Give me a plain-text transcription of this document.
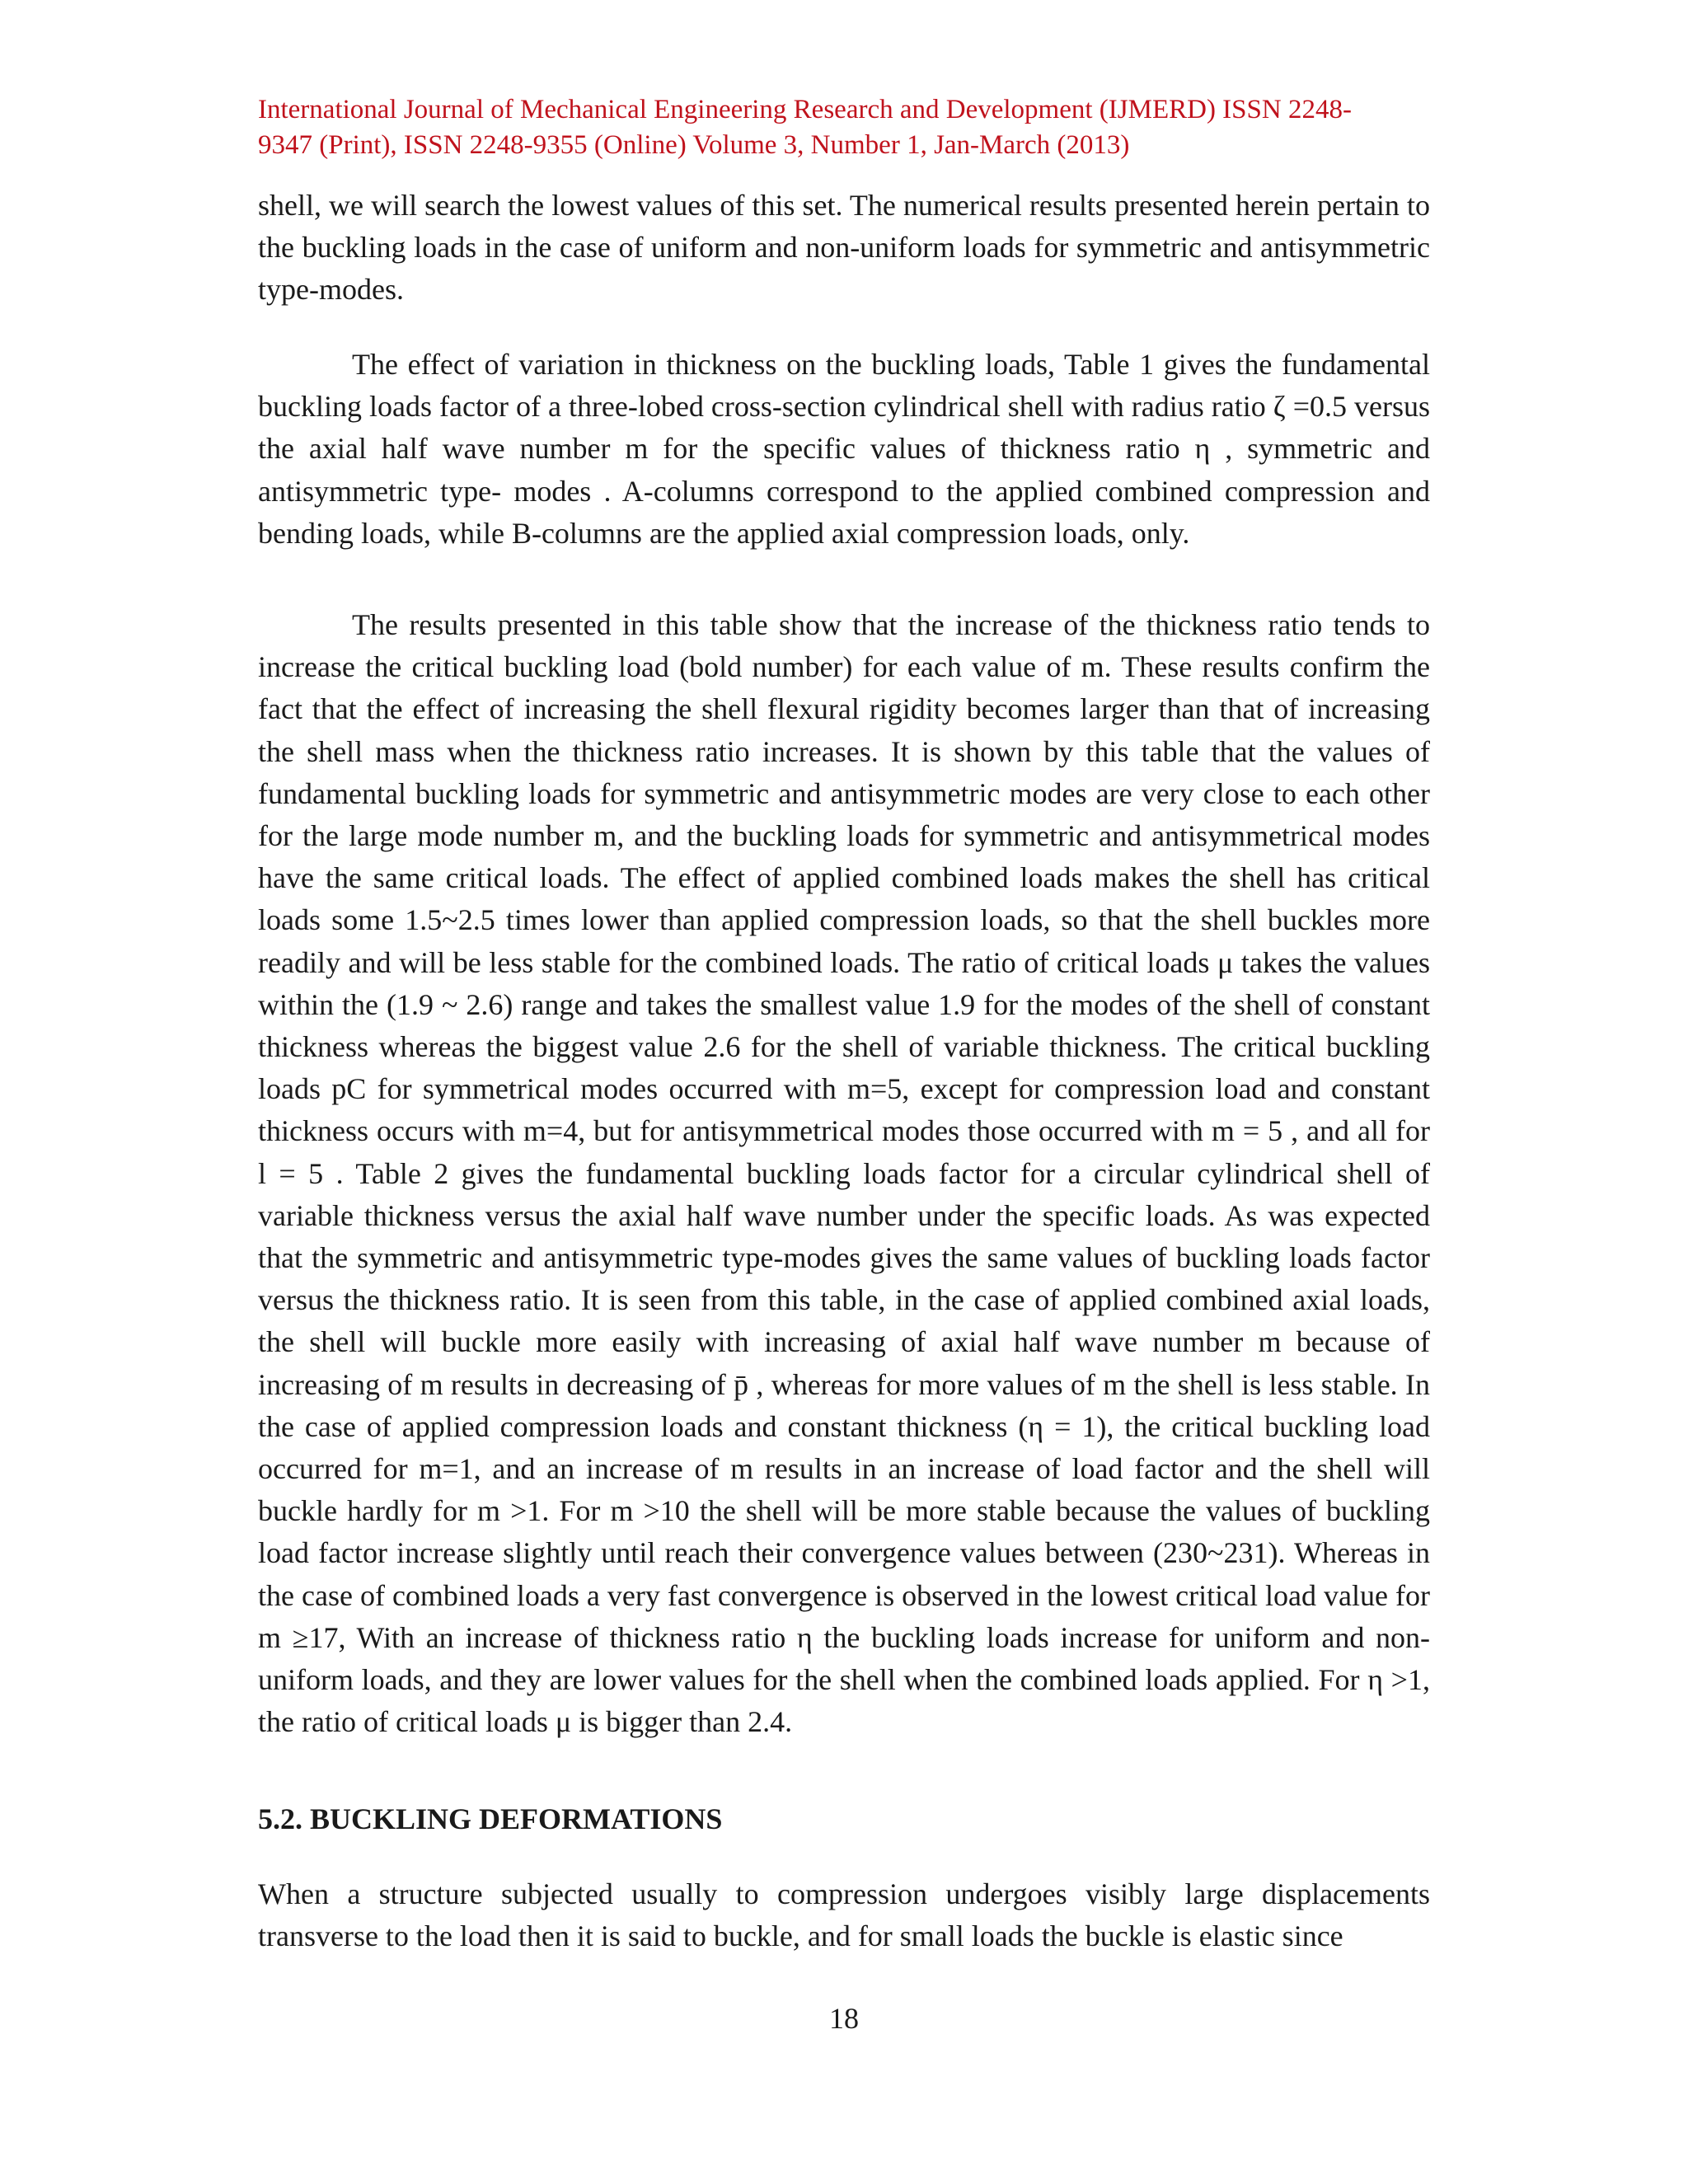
International Journal of Mechanical Engineering Research and Development (IJMERD) ISSN 2248-
9347 (Print), ISSN 2248-9355 (Online) Volume 3, Number 1, Jan-March (2013)

shell, we will search the lowest values of this set. The numerical results presented herein pertain to the buckling loads in the case of uniform and non-uniform loads for symmetric and antisymmetric type-modes.

The effect of variation in thickness on the buckling loads, Table 1 gives the fundamental buckling loads factor of a three-lobed cross-section cylindrical shell with radius ratio ζ =0.5 versus the axial half wave number m for the specific values of thickness ratio η , symmetric and antisymmetric type- modes . A-columns correspond to the applied combined compression and bending loads, while B-columns are the applied axial compression loads, only.

The results presented in this table show that the increase of the thickness ratio tends to increase the critical buckling load (bold number) for each value of m. These results confirm the fact that the effect of increasing the shell flexural rigidity becomes larger than that of increasing the shell mass when the thickness ratio increases. It is shown by this table that the values of fundamental buckling loads for symmetric and antisymmetric modes are very close to each other for the large mode number m, and the buckling loads for symmetric and antisymmetrical modes have the same critical loads. The effect of applied combined loads makes the shell has critical loads some 1.5~2.5 times lower than applied compression loads, so that the shell buckles more readily and will be less stable for the combined loads. The ratio of critical loads μ takes the values within the (1.9 ~ 2.6) range and takes the smallest value 1.9 for the modes of the shell of constant thickness whereas the biggest value 2.6 for the shell of variable thickness. The critical buckling loads pC for symmetrical modes occurred with m=5, except for compression load and constant thickness occurs with m=4, but for antisymmetrical modes those occurred with m = 5 , and all for l = 5 . Table 2 gives the fundamental buckling loads factor for a circular cylindrical shell of variable thickness versus the axial half wave number under the specific loads. As was expected that the symmetric and antisymmetric type-modes gives the same values of buckling loads factor versus the thickness ratio. It is seen from this table, in the case of applied combined axial loads, the shell will buckle more easily with increasing of axial half wave number m because of increasing of m results in decreasing of p̄ , whereas for more values of m the shell is less stable. In the case of applied compression loads and constant thickness (η = 1), the critical buckling load occurred for m=1, and an increase of m results in an increase of load factor and the shell will buckle hardly for m >1. For m >10 the shell will be more stable because the values of buckling load factor increase slightly until reach their convergence values between (230~231). Whereas in the case of combined loads a very fast convergence is observed in the lowest critical load value for m ≥17, With an increase of thickness ratio η the buckling loads increase for uniform and non-uniform loads, and they are lower values for the shell when the combined loads applied. For η >1, the ratio of critical loads μ is bigger than 2.4.

5.2. BUCKLING DEFORMATIONS

When a structure subjected usually to compression undergoes visibly large displacements transverse to the load then it is said to buckle, and for small loads the buckle is elastic since

18
